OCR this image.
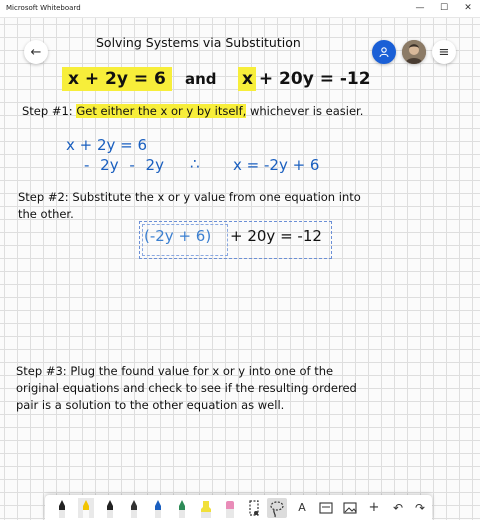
Microsoft Whiteboard	—	☐	✕
←
Solving Systems via Substitution
≡
x + 2y = 6	and x + 20y = -12
Step #1: Get either the x or y by itself, whichever is easier.
x + 2y = 6
- 2y - 2y ∴ x = -2y + 6
Step #2: Substitute the x or y value from one equation into
the other.
(-2y + 6) + 20y = -12
Step #3: Plug the found value for x or y into one of the
original equations and check to see if the resulting ordered
pair is a solution to the other equation as well.
A	+	↶ ↷
